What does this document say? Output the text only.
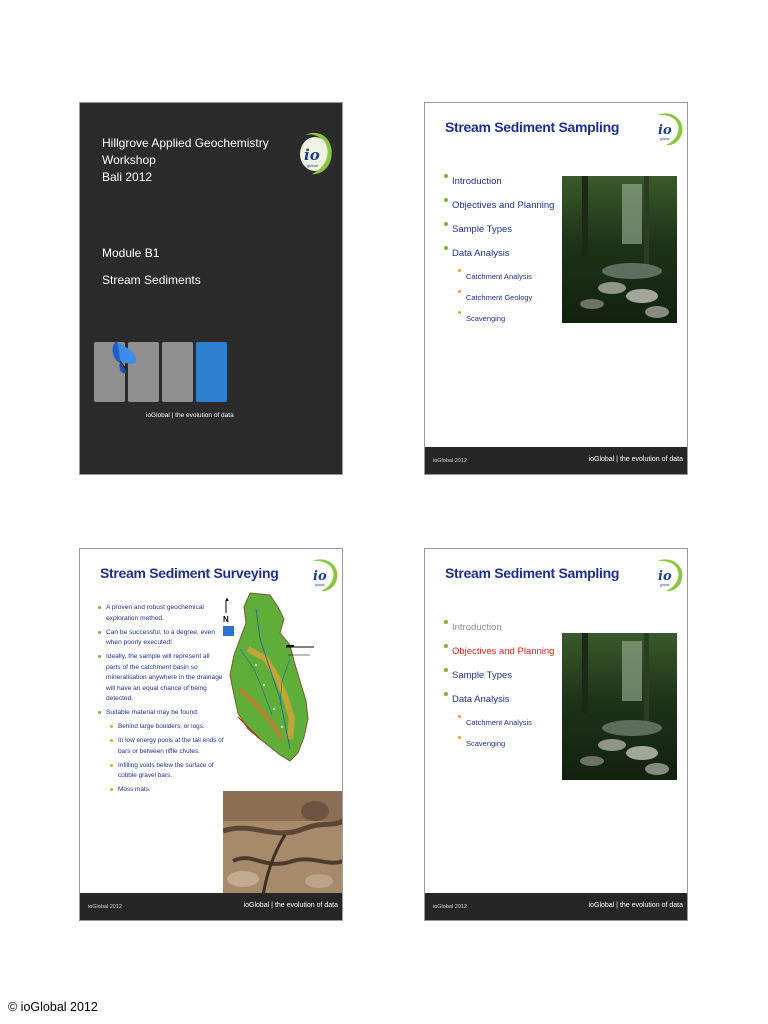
Hillgrove Applied Geochemistry Workshop
Bali 2012
io
global
Module B1
Stream Sediments
ioGlobal | the evolution of data
Stream Sediment Sampling	io
global
Introduction
Objectives and Planning
Sample Types
Data Analysis
Catchment Analysis
Catchment Geology
Scavenging
ioGlobal 2012	ioGlobal | the evolution of data
Stream Sediment Surveying	io
global
A proven and robust geochemical exploration method.
Can be successful, to a degree, even when poorly executed!
Ideally, the sample will represent all parts of the catchment basin so mineralisation anywhere in the drainage will have an equal chance of being detected.
Suitable material may be found:
Behind large boulders, or logs.
In low energy pools at the tail ends of bars or between riffle chutes.
Infilling voids below the surface of cobble gravel bars.
Moss mats.
▲
N
ioGlobal 2012	ioGlobal | the evolution of data
Stream Sediment Sampling	io
global
Introduction
Objectives and Planning
Sample Types
Data Analysis
Catchment Analysis
Scavenging
ioGlobal 2012	ioGlobal | the evolution of data
© ioGlobal 2012
